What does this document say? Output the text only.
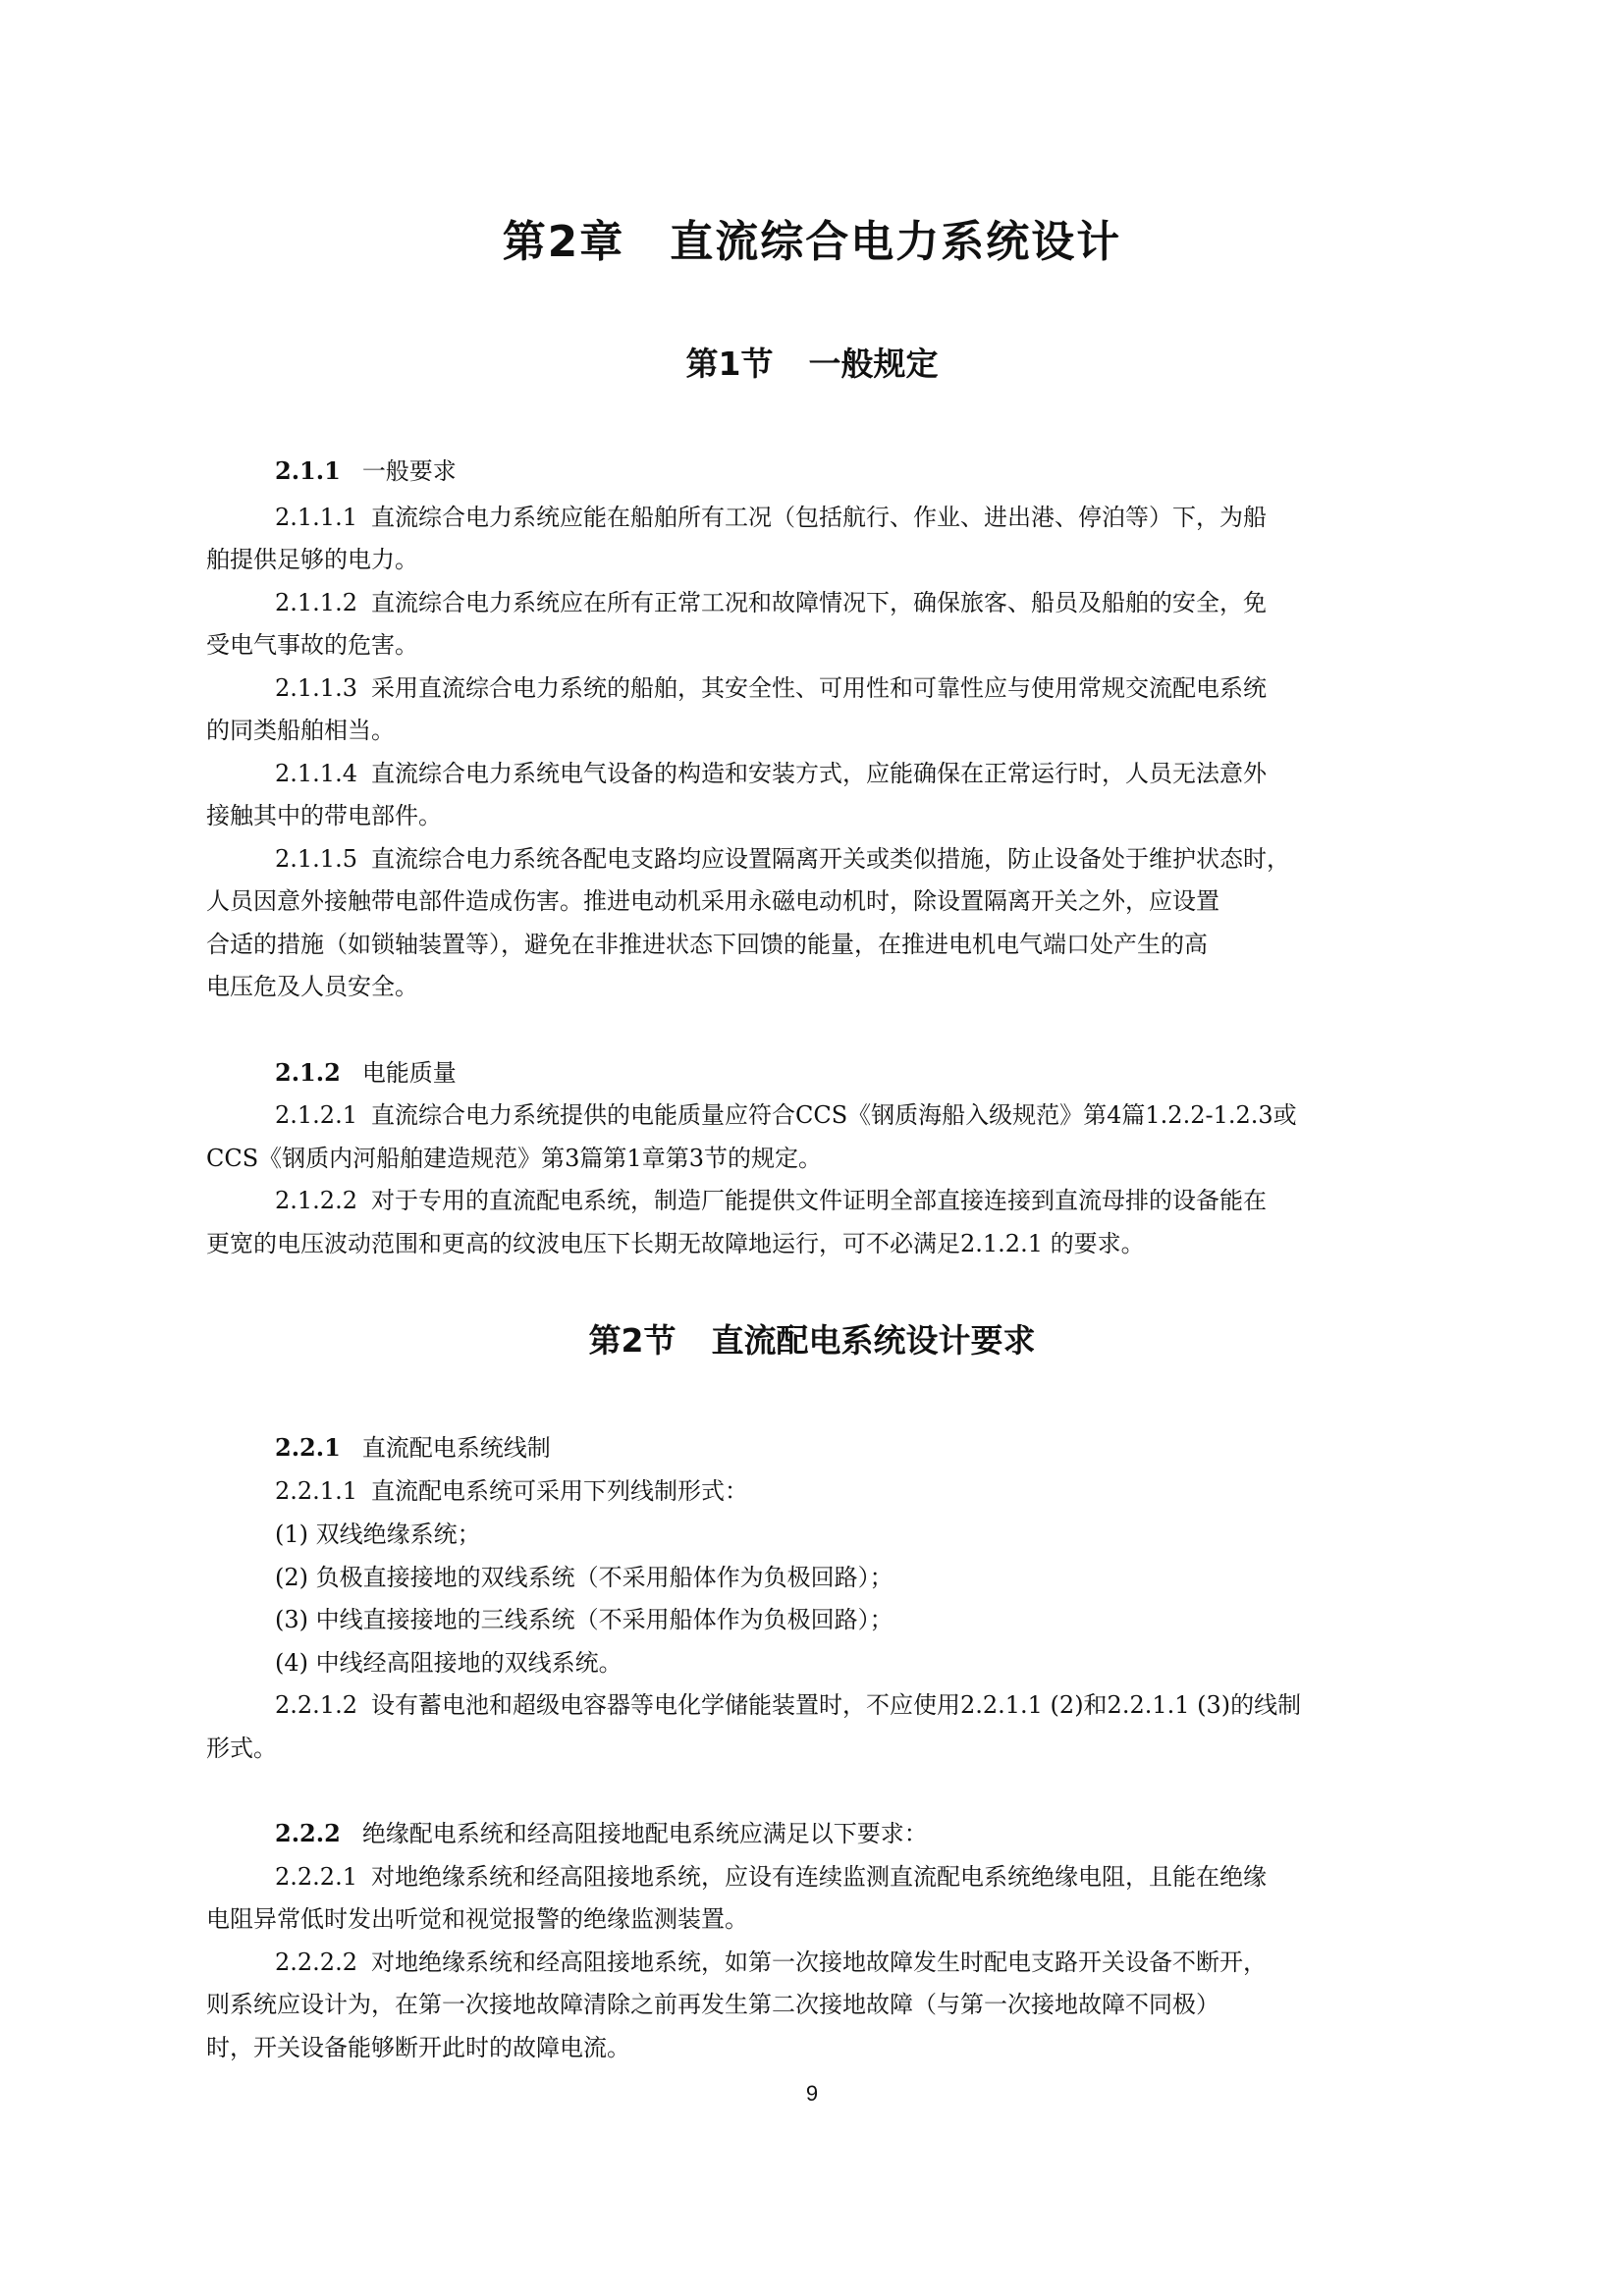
第2章　直流综合电力系统设计
第1节 一般规定
2.1.1 一般要求
2.1.1.1 直流综合电力系统应能在船舶所有工况（包括航行、作业、进出港、停泊等）下，为船
舶提供足够的电力。
2.1.1.2 直流综合电力系统应在所有正常工况和故障情况下，确保旅客、船员及船舶的安全，免
受电气事故的危害。
2.1.1.3 采用直流综合电力系统的船舶，其安全性、可用性和可靠性应与使用常规交流配电系统
的同类船舶相当。
2.1.1.4 直流综合电力系统电气设备的构造和安装方式，应能确保在正常运行时，人员无法意外
接触其中的带电部件。
2.1.1.5 直流综合电力系统各配电支路均应设置隔离开关或类似措施，防止设备处于维护状态时，
人员因意外接触带电部件造成伤害。推进电动机采用永磁电动机时，除设置隔离开关之外，应设置
合适的措施（如锁轴装置等），避免在非推进状态下回馈的能量，在推进电机电气端口处产生的高
电压危及人员安全。
2.1.2 电能质量
2.1.2.1 直流综合电力系统提供的电能质量应符合CCS《钢质海船入级规范》第4篇1.2.2-1.2.3或
CCS《钢质内河船舶建造规范》第3篇第1章第3节的规定。
2.1.2.2 对于专用的直流配电系统，制造厂能提供文件证明全部直接连接到直流母排的设备能在
更宽的电压波动范围和更高的纹波电压下长期无故障地运行，可不必满足2.1.2.1 的要求。
第2节 直流配电系统设计要求
2.2.1 直流配电系统线制
2.2.1.1 直流配电系统可采用下列线制形式：
(1) 双线绝缘系统；
(2) 负极直接接地的双线系统（不采用船体作为负极回路）；
(3) 中线直接接地的三线系统（不采用船体作为负极回路）；
(4) 中线经高阻接地的双线系统。
2.2.1.2 设有蓄电池和超级电容器等电化学储能装置时，不应使用2.2.1.1 (2)和2.2.1.1 (3)的线制
形式。
2.2.2 绝缘配电系统和经高阻接地配电系统应满足以下要求：
2.2.2.1 对地绝缘系统和经高阻接地系统，应设有连续监测直流配电系统绝缘电阻，且能在绝缘
电阻异常低时发出听觉和视觉报警的绝缘监测装置。
2.2.2.2 对地绝缘系统和经高阻接地系统，如第一次接地故障发生时配电支路开关设备不断开，
则系统应设计为，在第一次接地故障清除之前再发生第二次接地故障（与第一次接地故障不同极）
时，开关设备能够断开此时的故障电流。
9
